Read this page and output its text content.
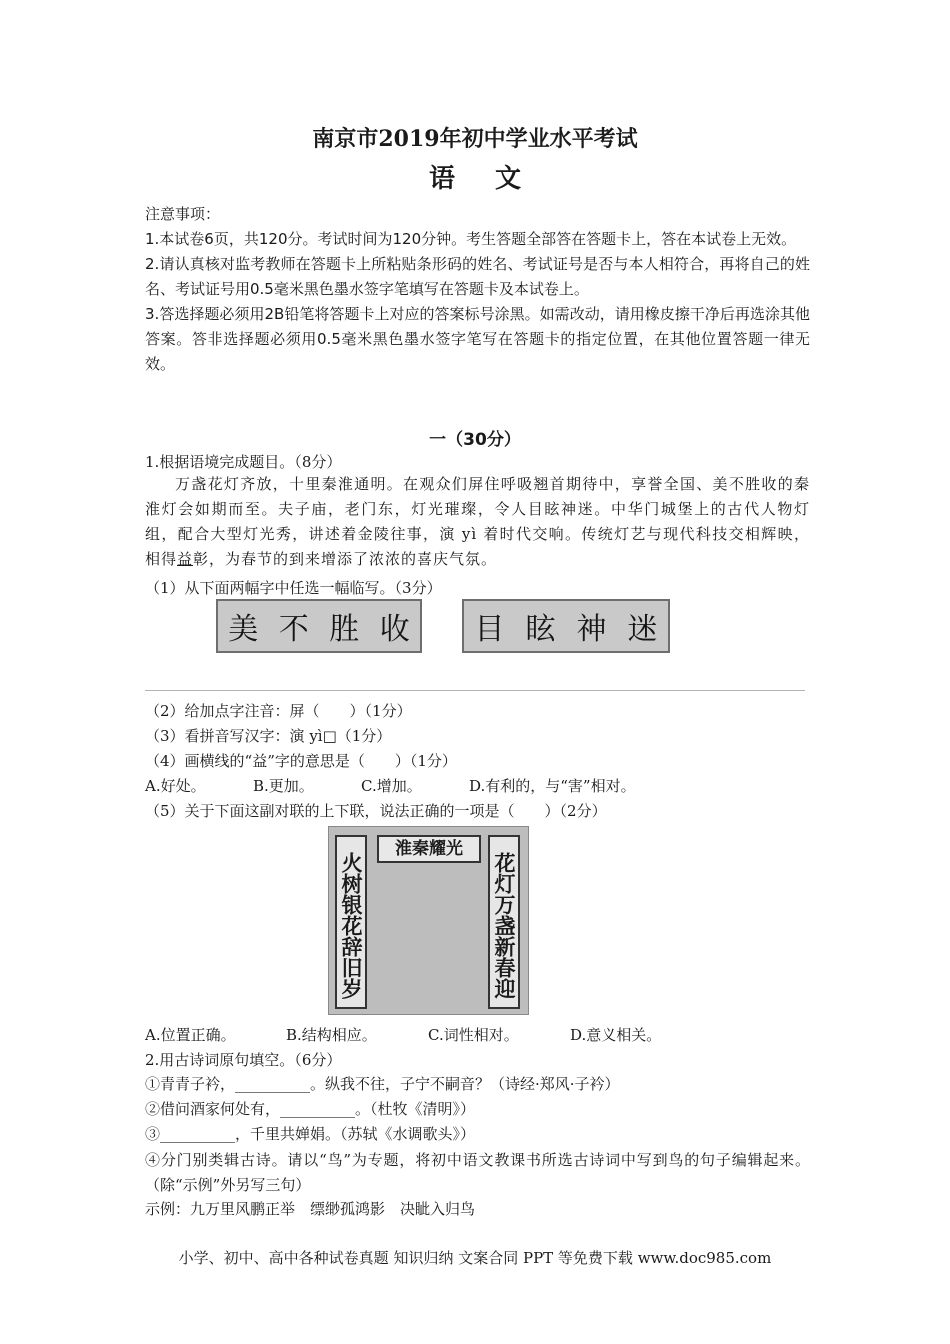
南京市2019年初中学业水平考试
语文
注意事项：
1.本试卷6页，共120分。考试时间为120分钟。考生答题全部答在答题卡上，答在本试卷上无效。
2.请认真核对监考教师在答题卡上所粘贴条形码的姓名、考试证号是否与本人相符合，再将自己的姓名、考试证号用0.5毫米黑色墨水签字笔填写在答题卡及本试卷上。
3.答选择题必须用2B铅笔将答题卡上对应的答案标号涂黑。如需改动，请用橡皮擦干净后再选涂其他答案。答非选择题必须用0.5毫米黑色墨水签字笔写在答题卡的指定位置，在其他位置答题一律无效。
一（30分）
1.根据语境完成题目。（8分）
万盏花灯齐放，十里秦淮通明。在观众们屏住呼吸翘首期待中，享誉全国、美不胜收的秦淮灯会如期而至。夫子庙，老门东，灯光璀璨，令人目眩神迷。中华门城堡上的古代人物灯组，配合大型灯光秀，讲述着金陵往事，演 yì 着时代交响。传统灯艺与现代科技交相辉映，相得益彰，为春节的到来增添了浓浓的喜庆气氛。
（1）从下面两幅字中任选一幅临写。（3分）
美 不 胜 收 目 眩 神 迷
（2）给加点字注音：屏（　　）（1分）
（3）看拼音写汉字：演 yì□（1分）
（4）画横线的“益”字的意思是（　　）（1分）
A.好处。	B.更加。	C.增加。	D.有利的，与“害”相对。
（5）关于下面这副对联的上下联，说法正确的一项是（　　）（2分）
淮秦耀光
火树银花辞旧岁	花灯万盏新春迎
A.位置正确。	B.结构相应。	C.词性相对。	D.意义相关。
2.用古诗词原句填空。（6分）
①青青子衿，__________。纵我不往，子宁不嗣音？（诗经·郑风·子衿）
②借问酒家何处有，__________。（杜牧《清明》）
③__________，千里共婵娟。（苏轼《水调歌头》）
④分门别类辑古诗。请以“鸟”为专题，将初中语文教课书所选古诗词中写到鸟的句子编辑起来。（除“示例”外另写三句）
示例：九万里风鹏正举　缥缈孤鸿影　决眦入归鸟
小学、初中、高中各种试卷真题 知识归纳 文案合同 PPT 等免费下载 www.doc985.com
